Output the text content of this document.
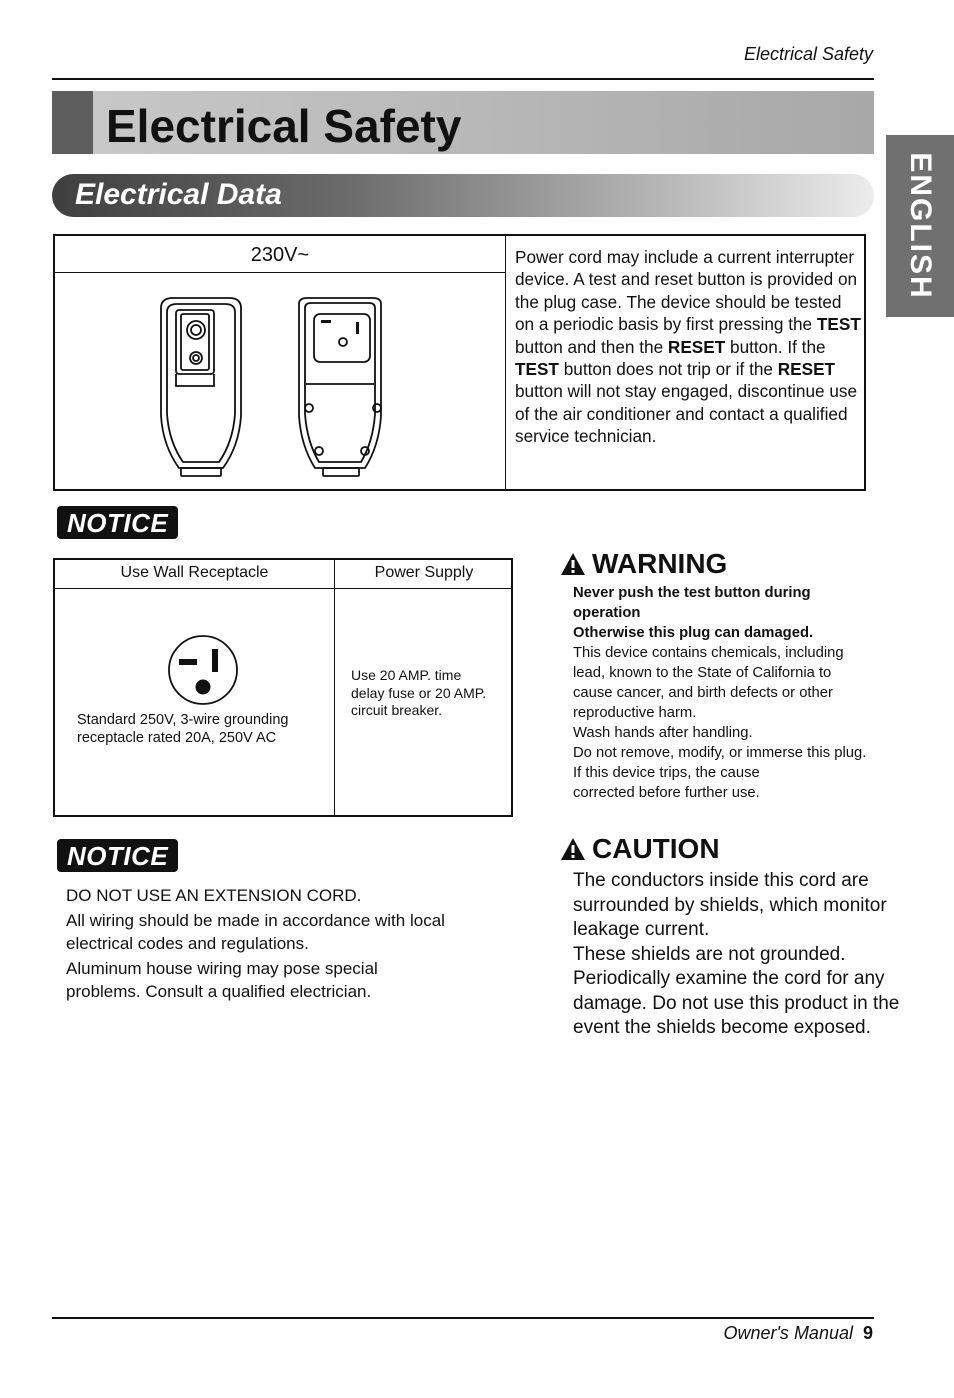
Electrical Safety
Electrical Safety
ENGLISH
Electrical Data
230V~	Power cord may include a current interrupter device. A test and reset button is provided on the plug case. The device should be tested on a periodic basis by first pressing the TEST button and then the RESET button. If the TEST button does not trip or if the RESET button will not stay engaged, discontinue use of the air conditioner and contact a qualified service technician.
NOTICE
Use Wall Receptacle	Power Supply
Standard 250V, 3-wire grounding
receptacle rated 20A, 250V AC
Use 20 AMP. time
delay fuse or 20 AMP.
circuit breaker.
WARNING
Never push the test button during
operation
Otherwise this plug can damaged.
This device contains chemicals, including
lead, known to the State of California to
cause cancer, and birth defects or other
reproductive harm.
Wash hands after handling.
Do not remove, modify, or immerse this plug.
If this device trips, the cause
corrected before further use.
NOTICE
DO NOT USE AN EXTENSION CORD.
All wiring should be made in accordance with local
electrical codes and regulations.
Aluminum house wiring may pose special
problems. Consult a qualified electrician.
CAUTION
The conductors inside this cord are
surrounded by shields, which monitor
leakage current.
These shields are not grounded.
Periodically examine the cord for any
damage. Do not use this product in the
event the shields become exposed.
Owner's Manual 9
